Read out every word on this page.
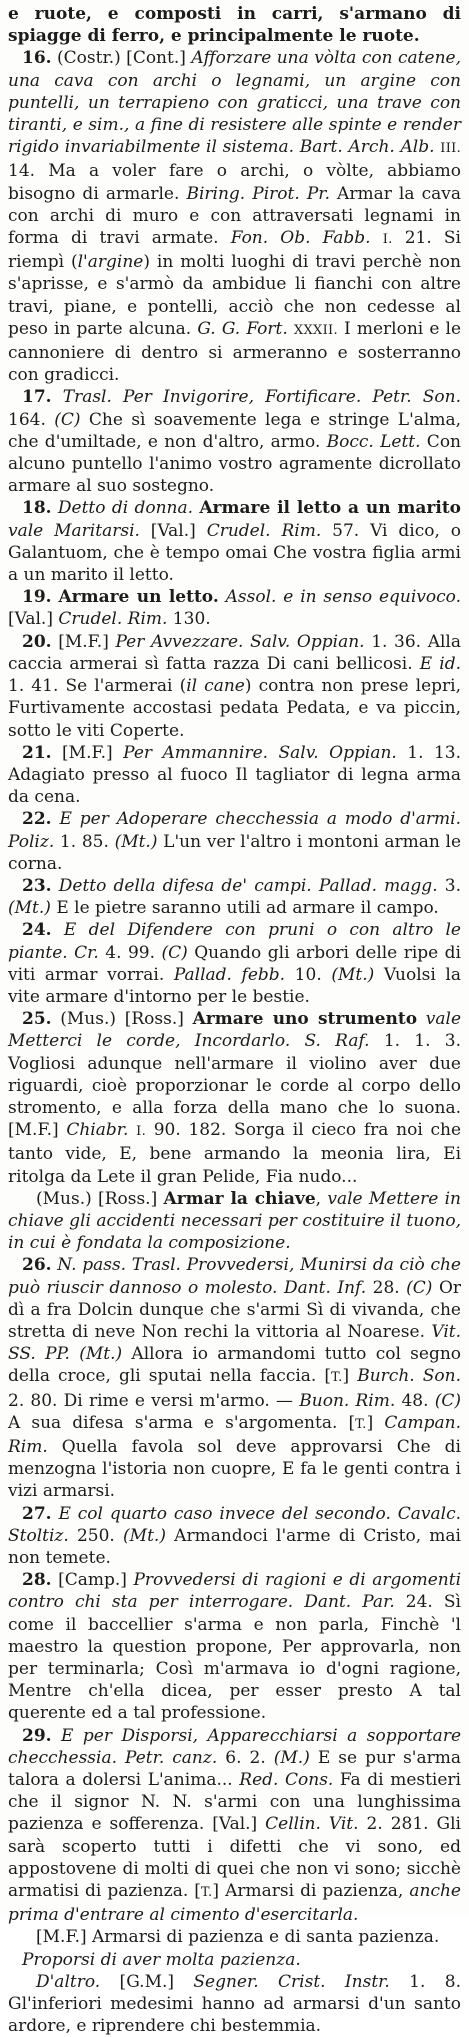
e ruote, e composti in carri, s'armano di spiagge di ferro, e principalmente le ruote.

16. (Costr.) [Cont.] Afforzare una vòlta con catene, una cava con archi o legnami, un argine con puntelli, un terrapieno con graticci, una trave con tiranti, e sim., a fine di resistere alle spinte e render rigido invariabilmente il sistema. Bart. Arch. Alb. III. 14. Ma a voler fare o archi, o vòlte, abbiamo bisogno di armarle. Biring. Pirot. Pr. Armar la cava con archi di muro e con attraversati legnami in forma di travi armate. Fon. Ob. Fabb. I. 21. Si riempì (l'argine) in molti luoghi di travi perchè non s'aprisse, e s'armò da ambidue li fianchi con altre travi, piane, e pontelli, acciò che non cedesse al peso in parte alcuna. G. G. Fort. XXXII. I merloni e le cannoniere di dentro si armeranno e sosterranno con gradicci.

17. Trasl. Per Invigorire, Fortificare. Petr. Son. 164. (C) Che sì soavemente lega e stringe L'alma, che d'umiltade, e non d'altro, armo. Bocc. Lett. Con alcuno puntello l'animo vostro agramente dicrollato armare al suo sostegno.

18. Detto di donna. Armare il letto a un marito vale Maritarsi. [Val.] Crudel. Rim. 57. Vi dico, o Galantuom, che è tempo omai Che vostra figlia armi a un marito il letto.

19. Armare un letto. Assol. e in senso equivoco. [Val.] Crudel. Rim. 130.

20. [M.F.] Per Avvezzare. Salv. Oppian. 1. 36. Alla caccia armerai sì fatta razza Di cani bellicosi. E id. 1. 41. Se l'armerai (il cane) contra non prese lepri, Furtivamente accostasi pedata Pedata, e va piccin, sotto le viti Coperte.

21. [M.F.] Per Ammannire. Salv. Oppian. 1. 13. Adagiato presso al fuoco Il tagliator di legna arma da cena.

22. E per Adoperare checchessia a modo d'armi. Poliz. 1. 85. (Mt.) L'un ver l'altro i montoni arman le corna.

23. Detto della difesa de' campi. Pallad. magg. 3. (Mt.) E le pietre saranno utili ad armare il campo.

24. E del Difendere con pruni o con altro le piante. Cr. 4. 99. (C) Quando gli arbori delle ripe di viti armar vorrai. Pallad. febb. 10. (Mt.) Vuolsi la vite armare d'intorno per le bestie.

25. (Mus.) [Ross.] Armare uno strumento vale Metterci le corde, Incordarlo. S. Raf. 1. 1. 3. Vogliosi adunque nell'armare il violino aver due riguardi, cioè proporzionar le corde al corpo dello stromento, e alla forza della mano che lo suona. [M.F.] Chiabr. I. 90. 182. Sorga il cieco fra noi che tanto vide, E, bene armando la meonia lira, Ei ritolga da Lete il gran Pelide, Fia nudo...

(Mus.) [Ross.] Armar la chiave, vale Mettere in chiave gli accidenti necessari per costituire il tuono, in cui è fondata la composizione.

26. N. pass. Trasl. Provvedersi, Munirsi da ciò che può riuscir dannoso o molesto. Dant. Inf. 28. (C) Or dì a fra Dolcin dunque che s'armi Sì di vivanda, che stretta di neve Non rechi la vittoria al Noarese. Vit. SS. PP. (Mt.) Allora io armandomi tutto col segno della croce, gli sputai nella faccia. [T.] Burch. Son. 2. 80. Di rime e versi m'armo. — Buon. Rim. 48. (C) A sua difesa s'arma e s'argomenta. [T.] Campan. Rim. Quella favola sol deve approvarsi Che di menzogna l'istoria non cuopre, E fa le genti contra i vizi armarsi.

27. E col quarto caso invece del secondo. Cavalc. Stoltiz. 250. (Mt.) Armandoci l'arme di Cristo, mai non temete.

28. [Camp.] Provvedersi di ragioni e di argomenti contro chi sta per interrogare. Dant. Par. 24. Sì come il baccellier s'arma e non parla, Finchè 'l maestro la question propone, Per approvarla, non per terminarla; Così m'armava io d'ogni ragione, Mentre ch'ella dicea, per esser presto A tal querente ed a tal professione.

29. E per Disporsi, Apparecchiarsi a sopportare checchessia. Petr. canz. 6. 2. (M.) E se pur s'arma talora a dolersi L'anima... Red. Cons. Fa di mestieri che il signor N. N. s'armi con una lunghissima pazienza e sofferenza. [Val.] Cellin. Vit. 2. 281. Gli sarà scoperto tutti i difetti che vi sono, ed appostovene di molti di quei che non vi sono; sicchè armatisi di pazienza. [T.] Armarsi di pazienza, anche prima d'entrare al cimento d'esercitarla.

[M.F.] Armarsi di pazienza e di santa pazienza.

Proporsi di aver molta pazienza.

D'altro. [G.M.] Segner. Crist. Instr. 1. 8. Gl'inferiori medesimi hanno ad armarsi d'un santo ardore, e riprendere chi bestemmia.
